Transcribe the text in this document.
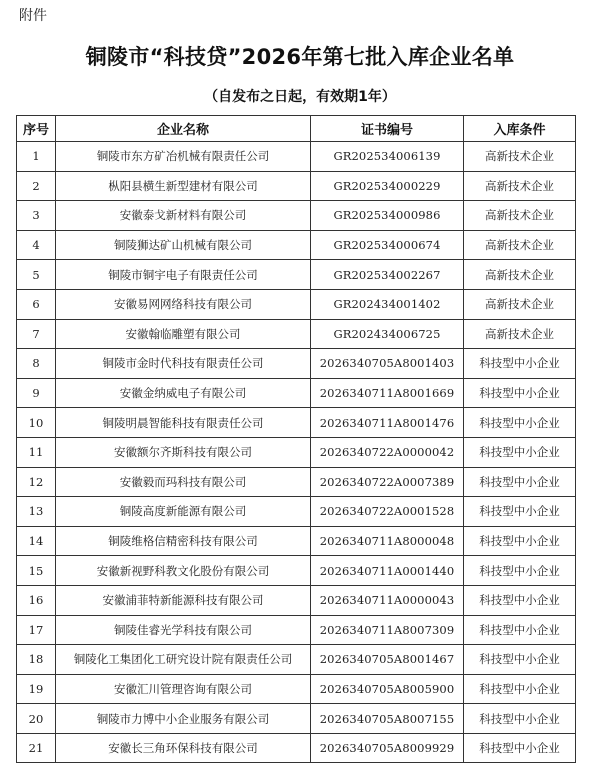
附件
铜陵市“科技贷”2026年第七批入库企业名单
（自发布之日起，有效期1年）
序号	企业名称	证书编号	入库条件
1	铜陵市东方矿冶机械有限责任公司	GR202534006139	高新技术企业
2	枞阳县横生新型建材有限公司	GR202534000229	高新技术企业
3	安徽泰戈新材料有限公司	GR202534000986	高新技术企业
4	铜陵狮达矿山机械有限公司	GR202534000674	高新技术企业
5	铜陵市铜宇电子有限责任公司	GR202534002267	高新技术企业
6	安徽易网网络科技有限公司	GR202434001402	高新技术企业
7	安徽翰临雕塑有限公司	GR202434006725	高新技术企业
8	铜陵市金时代科技有限责任公司	2026340705A8001403	科技型中小企业
9	安徽金纳威电子有限公司	2026340711A8001669	科技型中小企业
10	铜陵明晨智能科技有限责任公司	2026340711A8001476	科技型中小企业
11	安徽额尔齐斯科技有限公司	2026340722A0000042	科技型中小企业
12	安徽毅而玛科技有限公司	2026340722A0007389	科技型中小企业
13	铜陵高度新能源有限公司	2026340722A0001528	科技型中小企业
14	铜陵维格信精密科技有限公司	2026340711A8000048	科技型中小企业
15	安徽新视野科教文化股份有限公司	2026340711A0001440	科技型中小企业
16	安徽浦菲特新能源科技有限公司	2026340711A0000043	科技型中小企业
17	铜陵佳睿光学科技有限公司	2026340711A8007309	科技型中小企业
18	铜陵化工集团化工研究设计院有限责任公司	2026340705A8001467	科技型中小企业
19	安徽汇川管理咨询有限公司	2026340705A8005900	科技型中小企业
20	铜陵市力博中小企业服务有限公司	2026340705A8007155	科技型中小企业
21	安徽长三角环保科技有限公司	2026340705A8009929	科技型中小企业
